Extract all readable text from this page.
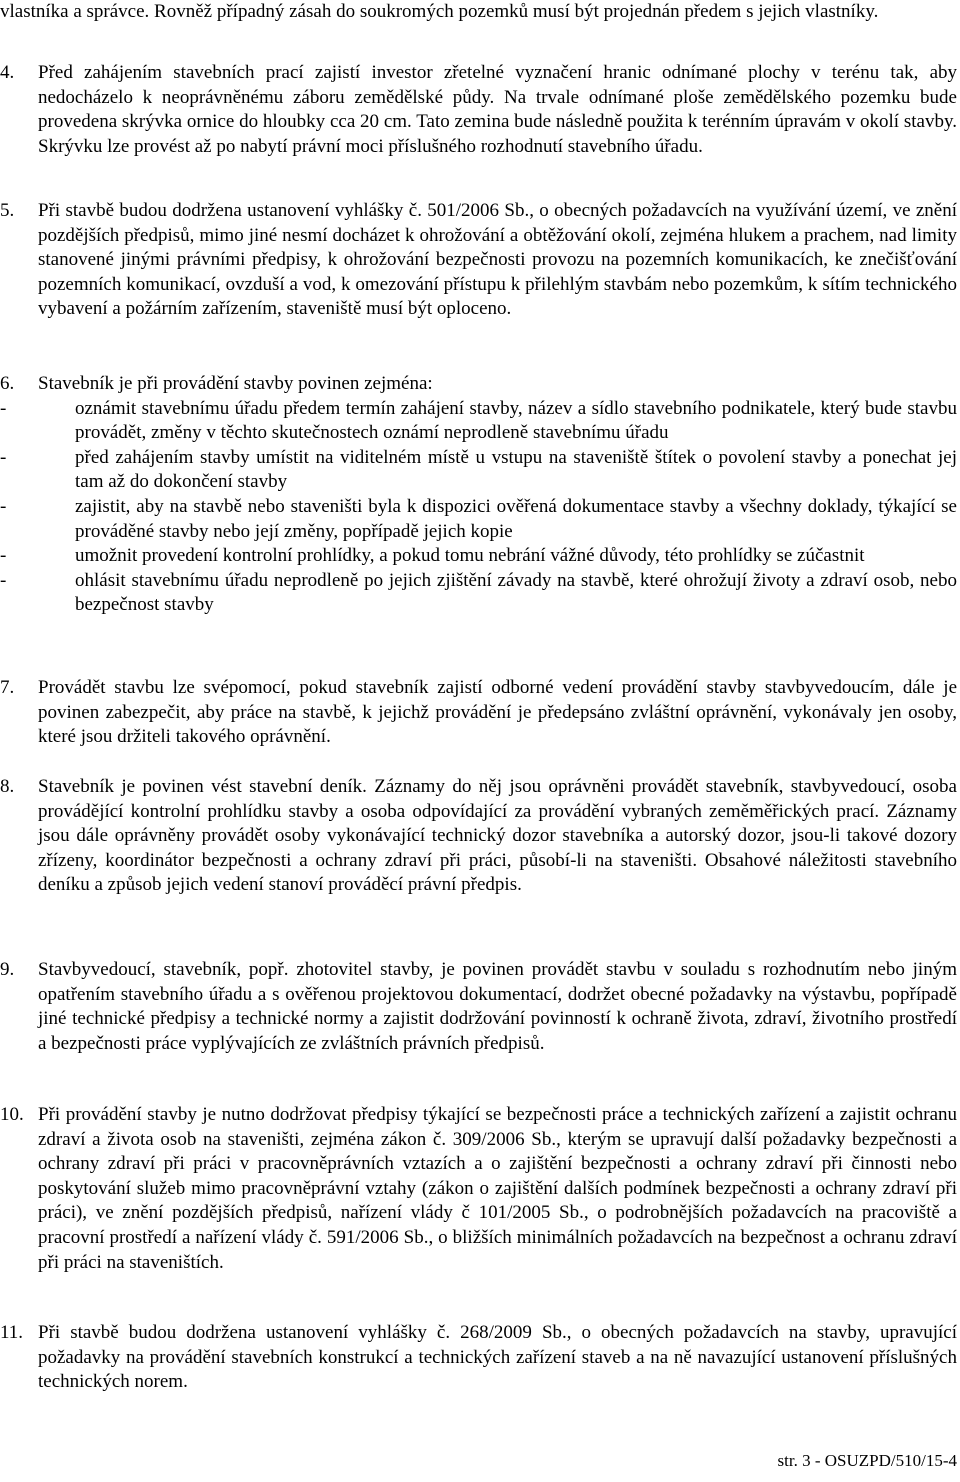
vlastníka a správce. Rovněž případný zásah do soukromých pozemků musí být projednán předem s jejich vlastníky.

4.	Před zahájením stavebních prací zajistí investor zřetelné vyznačení hranic odnímané plochy v terénu tak, aby nedocházelo k neoprávněnému záboru zemědělské půdy. Na trvale odnímané ploše zemědělského pozemku bude provedena skrývka ornice do hloubky cca 20 cm. Tato zemina bude následně použita k terénním úpravám v okolí stavby. Skrývku lze provést až po nabytí právní moci příslušného rozhodnutí stavebního úřadu.

5.	Při stavbě budou dodržena ustanovení vyhlášky č. 501/2006 Sb., o obecných požadavcích na využívání území, ve znění pozdějších předpisů, mimo jiné nesmí docházet k ohrožování a obtěžování okolí, zejména hlukem a prachem, nad limity stanovené jinými právními předpisy, k ohrožování bezpečnosti provozu na pozemních komunikacích, ke znečišťování pozemních komunikací, ovzduší a vod, k omezování přístupu k přilehlým stavbám nebo pozemkům, k sítím technického vybavení a požárním zařízením, staveniště musí být oploceno.

6.	Stavebník je při provádění stavby povinen zejména:

-	oznámit stavebnímu úřadu předem termín zahájení stavby, název a sídlo stavebního podnikatele, který bude stavbu provádět, změny v těchto skutečnostech oznámí neprodleně stavebnímu úřadu
-	před zahájením stavby umístit na viditelném místě u vstupu na staveniště štítek o povolení stavby a ponechat jej tam až do dokončení stavby
-	zajistit, aby na stavbě nebo staveništi byla k dispozici ověřená dokumentace stavby a všechny doklady, týkající se prováděné stavby nebo její změny, popřípadě jejich kopie
-	umožnit provedení kontrolní prohlídky, a pokud tomu nebrání vážné důvody, této prohlídky se zúčastnit
-	ohlásit stavebnímu úřadu neprodleně po jejich zjištění závady na stavbě, které ohrožují životy a zdraví osob, nebo bezpečnost stavby
7.	Provádět stavbu lze svépomocí, pokud stavebník zajistí odborné vedení provádění stavby stavbyvedoucím, dále je povinen zabezpečit, aby práce na stavbě, k jejichž provádění je předepsáno zvláštní oprávnění, vykonávaly jen osoby, které jsou držiteli takového oprávnění.

8.	Stavebník je povinen vést stavební deník. Záznamy do něj jsou oprávněni provádět stavebník, stavbyvedoucí, osoba provádějící kontrolní prohlídku stavby a osoba odpovídající za provádění vybraných zeměměřických prací. Záznamy jsou dále oprávněny provádět osoby vykonávající technický dozor stavebníka a autorský dozor, jsou-li takové dozory zřízeny, koordinátor bezpečnosti a ochrany zdraví při práci, působí-li na staveništi. Obsahové náležitosti stavebního deníku a způsob jejich vedení stanoví prováděcí právní předpis.

9.	Stavbyvedoucí, stavebník, popř. zhotovitel stavby, je povinen provádět stavbu v souladu s rozhodnutím nebo jiným opatřením stavebního úřadu a s ověřenou projektovou dokumentací, dodržet obecné požadavky na výstavbu, popřípadě jiné technické předpisy a technické normy a zajistit dodržování povinností k ochraně života, zdraví, životního prostředí a bezpečnosti práce vyplývajících ze zvláštních právních předpisů.

10. Při provádění stavby je nutno dodržovat předpisy týkající se bezpečnosti práce a technických zařízení a zajistit ochranu zdraví a života osob na staveništi, zejména zákon č. 309/2006 Sb., kterým se upravují další požadavky bezpečnosti a ochrany zdraví při práci v pracovněprávních vztazích a o zajištění bezpečnosti a ochrany zdraví při činnosti nebo poskytování služeb mimo pracovněprávní vztahy (zákon o zajištění dalších podmínek bezpečnosti a ochrany zdraví při práci), ve znění pozdějších předpisů, nařízení vlády č 101/2005 Sb., o podrobnějších požadavcích na pracoviště a pracovní prostředí a nařízení vlády č. 591/2006 Sb., o bližších minimálních požadavcích na bezpečnost a ochranu zdraví při práci na staveništích.

11. Při stavbě budou dodržena ustanovení vyhlášky č. 268/2009 Sb., o obecných požadavcích na stavby, upravující požadavky na provádění stavebních konstrukcí a technických zařízení staveb a na ně navazující ustanovení příslušných technických norem.

str. 3 - OSUZPD/510/15-4
